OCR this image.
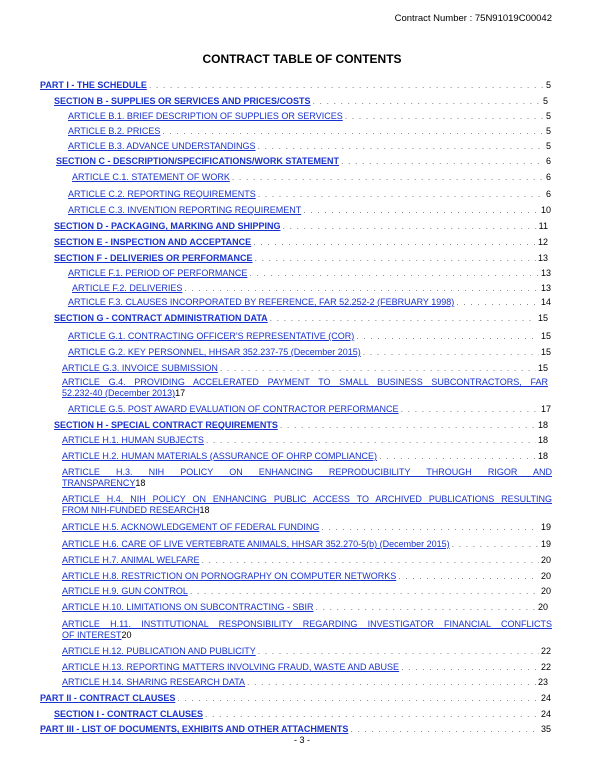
Contract Number : 75N91019C00042
CONTRACT TABLE OF CONTENTS
PART I - THE SCHEDULE . . .	5
SECTION B - SUPPLIES OR SERVICES AND PRICES/COSTS . . .	5
ARTICLE B.1. BRIEF DESCRIPTION OF SUPPLIES OR SERVICES . . .	5
ARTICLE B.2. PRICES . . .	5
ARTICLE B.3. ADVANCE UNDERSTANDINGS . . .	5
SECTION C - DESCRIPTION/SPECIFICATIONS/WORK STATEMENT . . .	6
ARTICLE C.1. STATEMENT OF WORK . . .	6
ARTICLE C.2. REPORTING REQUIREMENTS . . .	6
ARTICLE C.3. INVENTION REPORTING REQUIREMENT . . .	10
SECTION D - PACKAGING, MARKING AND SHIPPING . . .	11
SECTION E - INSPECTION AND ACCEPTANCE . . .	12
SECTION F - DELIVERIES OR PERFORMANCE . . .	13
ARTICLE F.1. PERIOD OF PERFORMANCE . . .	13
ARTICLE F.2. DELIVERIES . . .	13
ARTICLE F.3. CLAUSES INCORPORATED BY REFERENCE, FAR 52.252-2 (FEBRUARY 1998) . . .	14
SECTION G - CONTRACT ADMINISTRATION DATA . . .	15
ARTICLE G.1. CONTRACTING OFFICER'S REPRESENTATIVE (COR) . . .	15
ARTICLE G.2. KEY PERSONNEL, HHSAR 352.237-75 (December 2015) . . .	15
ARTICLE G.3. INVOICE SUBMISSION . . .	15
ARTICLE G.4. PROVIDING ACCELERATED PAYMENT TO SMALL BUSINESS SUBCONTRACTORS, FAR
52.232-40 (December 2013) 17
ARTICLE G.5. POST AWARD EVALUATION OF CONTRACTOR PERFORMANCE . . .	17
SECTION H - SPECIAL CONTRACT REQUIREMENTS . . .	18
ARTICLE H.1. HUMAN SUBJECTS . . .	18
ARTICLE H.2. HUMAN MATERIALS (ASSURANCE OF OHRP COMPLIANCE) . . .	18
ARTICLE H.3. NIH POLICY ON ENHANCING REPRODUCIBILITY THROUGH RIGOR AND
TRANSPARENCY 18
ARTICLE H.4. NIH POLICY ON ENHANCING PUBLIC ACCESS TO ARCHIVED PUBLICATIONS RESULTING
FROM NIH-FUNDED RESEARCH 18
ARTICLE H.5. ACKNOWLEDGEMENT OF FEDERAL FUNDING . . .	19
ARTICLE H.6. CARE OF LIVE VERTEBRATE ANIMALS, HHSAR 352.270-5(b) (December 2015) . . .	19
ARTICLE H.7. ANIMAL WELFARE . . .	20
ARTICLE H.8. RESTRICTION ON PORNOGRAPHY ON COMPUTER NETWORKS . . .	20
ARTICLE H.9. GUN CONTROL . . .	20
ARTICLE H.10. LIMITATIONS ON SUBCONTRACTING - SBIR . . .	20
ARTICLE H.11. INSTITUTIONAL RESPONSIBILITY REGARDING INVESTIGATOR FINANCIAL CONFLICTS
OF INTEREST 20
ARTICLE H.12. PUBLICATION AND PUBLICITY . . .	22
ARTICLE H.13. REPORTING MATTERS INVOLVING FRAUD, WASTE AND ABUSE . . .	22
ARTICLE H.14. SHARING RESEARCH DATA . . .	23
PART II - CONTRACT CLAUSES . . .	24
SECTION I - CONTRACT CLAUSES . . .	24
PART III - LIST OF DOCUMENTS, EXHIBITS AND OTHER ATTACHMENTS . . .	35
- 3 -
